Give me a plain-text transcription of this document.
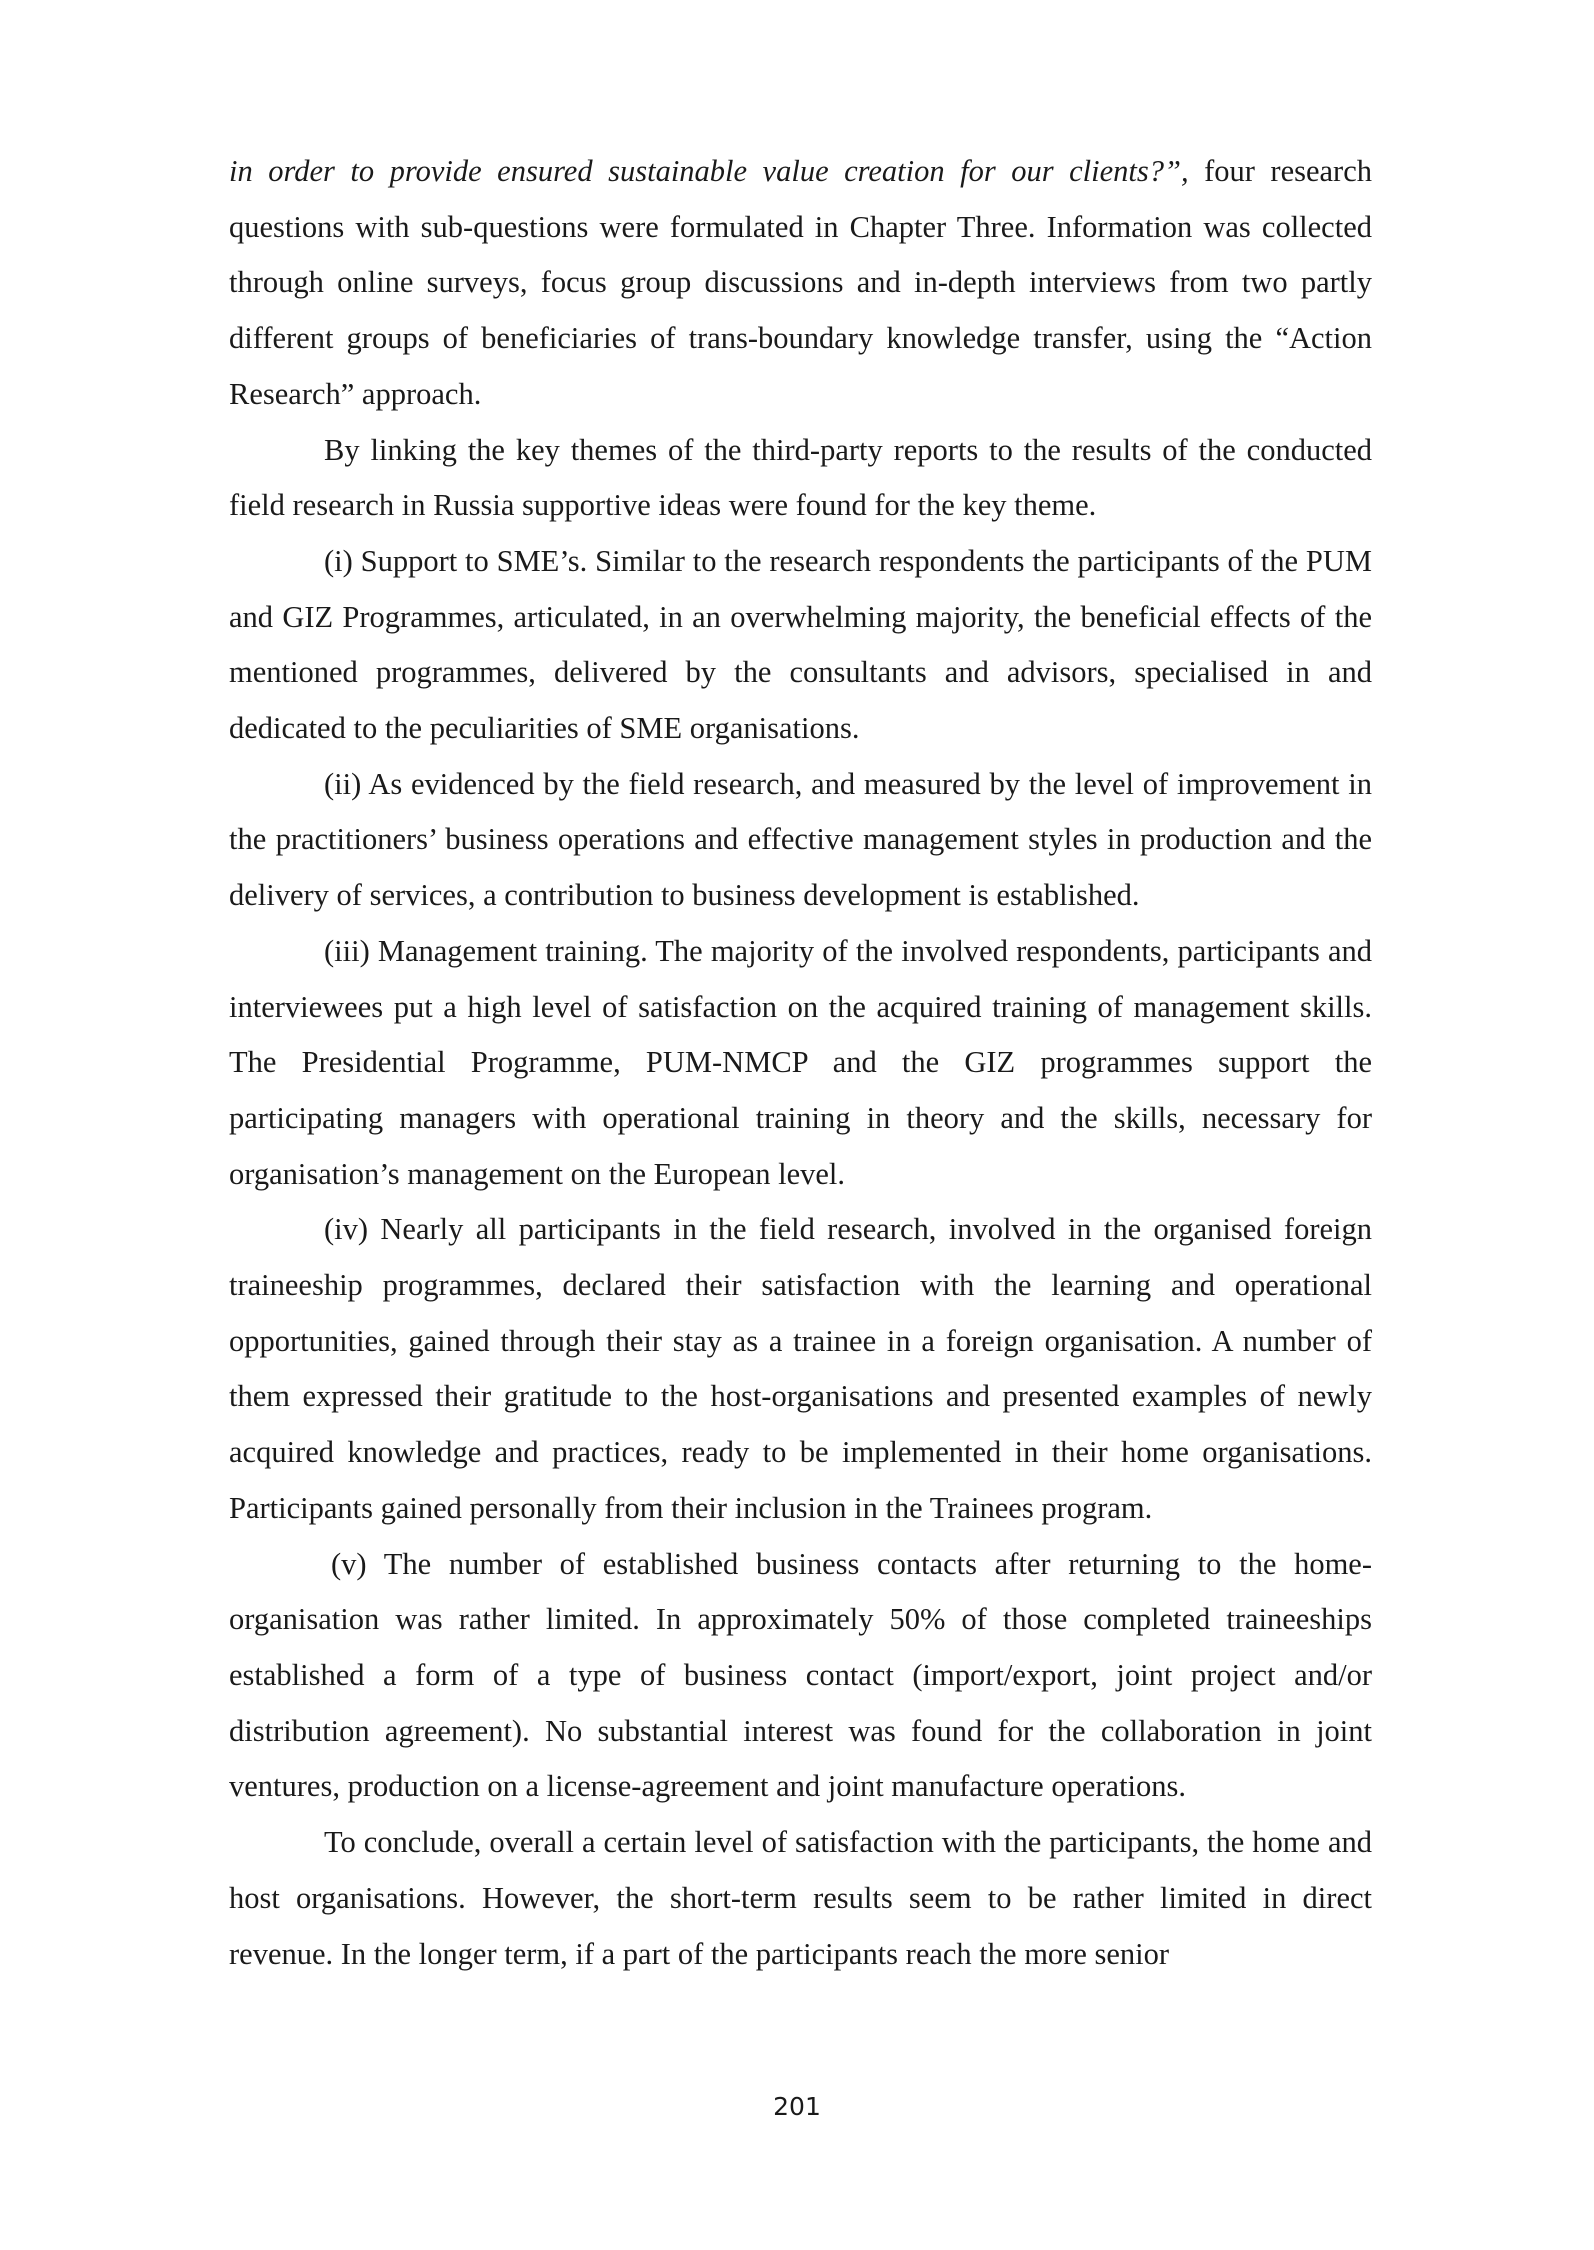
in order to provide ensured sustainable value creation for our clients?”, four research questions with sub-questions were formulated in Chapter Three. Information was collected through online surveys, focus group discussions and in-depth interviews from two partly different groups of beneficiaries of trans-boundary knowledge transfer, using the “Action Research” approach.

By linking the key themes of the third-party reports to the results of the conducted field research in Russia supportive ideas were found for the key theme.

(i) Support to SME’s. Similar to the research respondents the participants of the PUM and GIZ Programmes, articulated, in an overwhelming majority, the beneficial effects of the mentioned programmes, delivered by the consultants and advisors, specialised in and dedicated to the peculiarities of SME organisations.

(ii) As evidenced by the field research, and measured by the level of improvement in the practitioners’ business operations and effective management styles in production and the delivery of services, a contribution to business development is established.

(iii) Management training. The majority of the involved respondents, participants and interviewees put a high level of satisfaction on the acquired training of management skills. The Presidential Programme, PUM-NMCP and the GIZ programmes support the participating managers with operational training in theory and the skills, necessary for organisation’s management on the European level.

(iv) Nearly all participants in the field research, involved in the organised foreign traineeship programmes, declared their satisfaction with the learning and operational opportunities, gained through their stay as a trainee in a foreign organisation. A number of them expressed their gratitude to the host-organisations and presented examples of newly acquired knowledge and practices, ready to be implemented in their home organisations. Participants gained personally from their inclusion in the Trainees program.

(v) The number of established business contacts after returning to the home-organisation was rather limited. In approximately 50% of those completed traineeships established a form of a type of business contact (import/export, joint project and/or distribution agreement). No substantial interest was found for the collaboration in joint ventures, production on a license-agreement and joint manufacture operations.

To conclude, overall a certain level of satisfaction with the participants, the home and host organisations. However, the short-term results seem to be rather limited in direct revenue. In the longer term, if a part of the participants reach the more senior

201
